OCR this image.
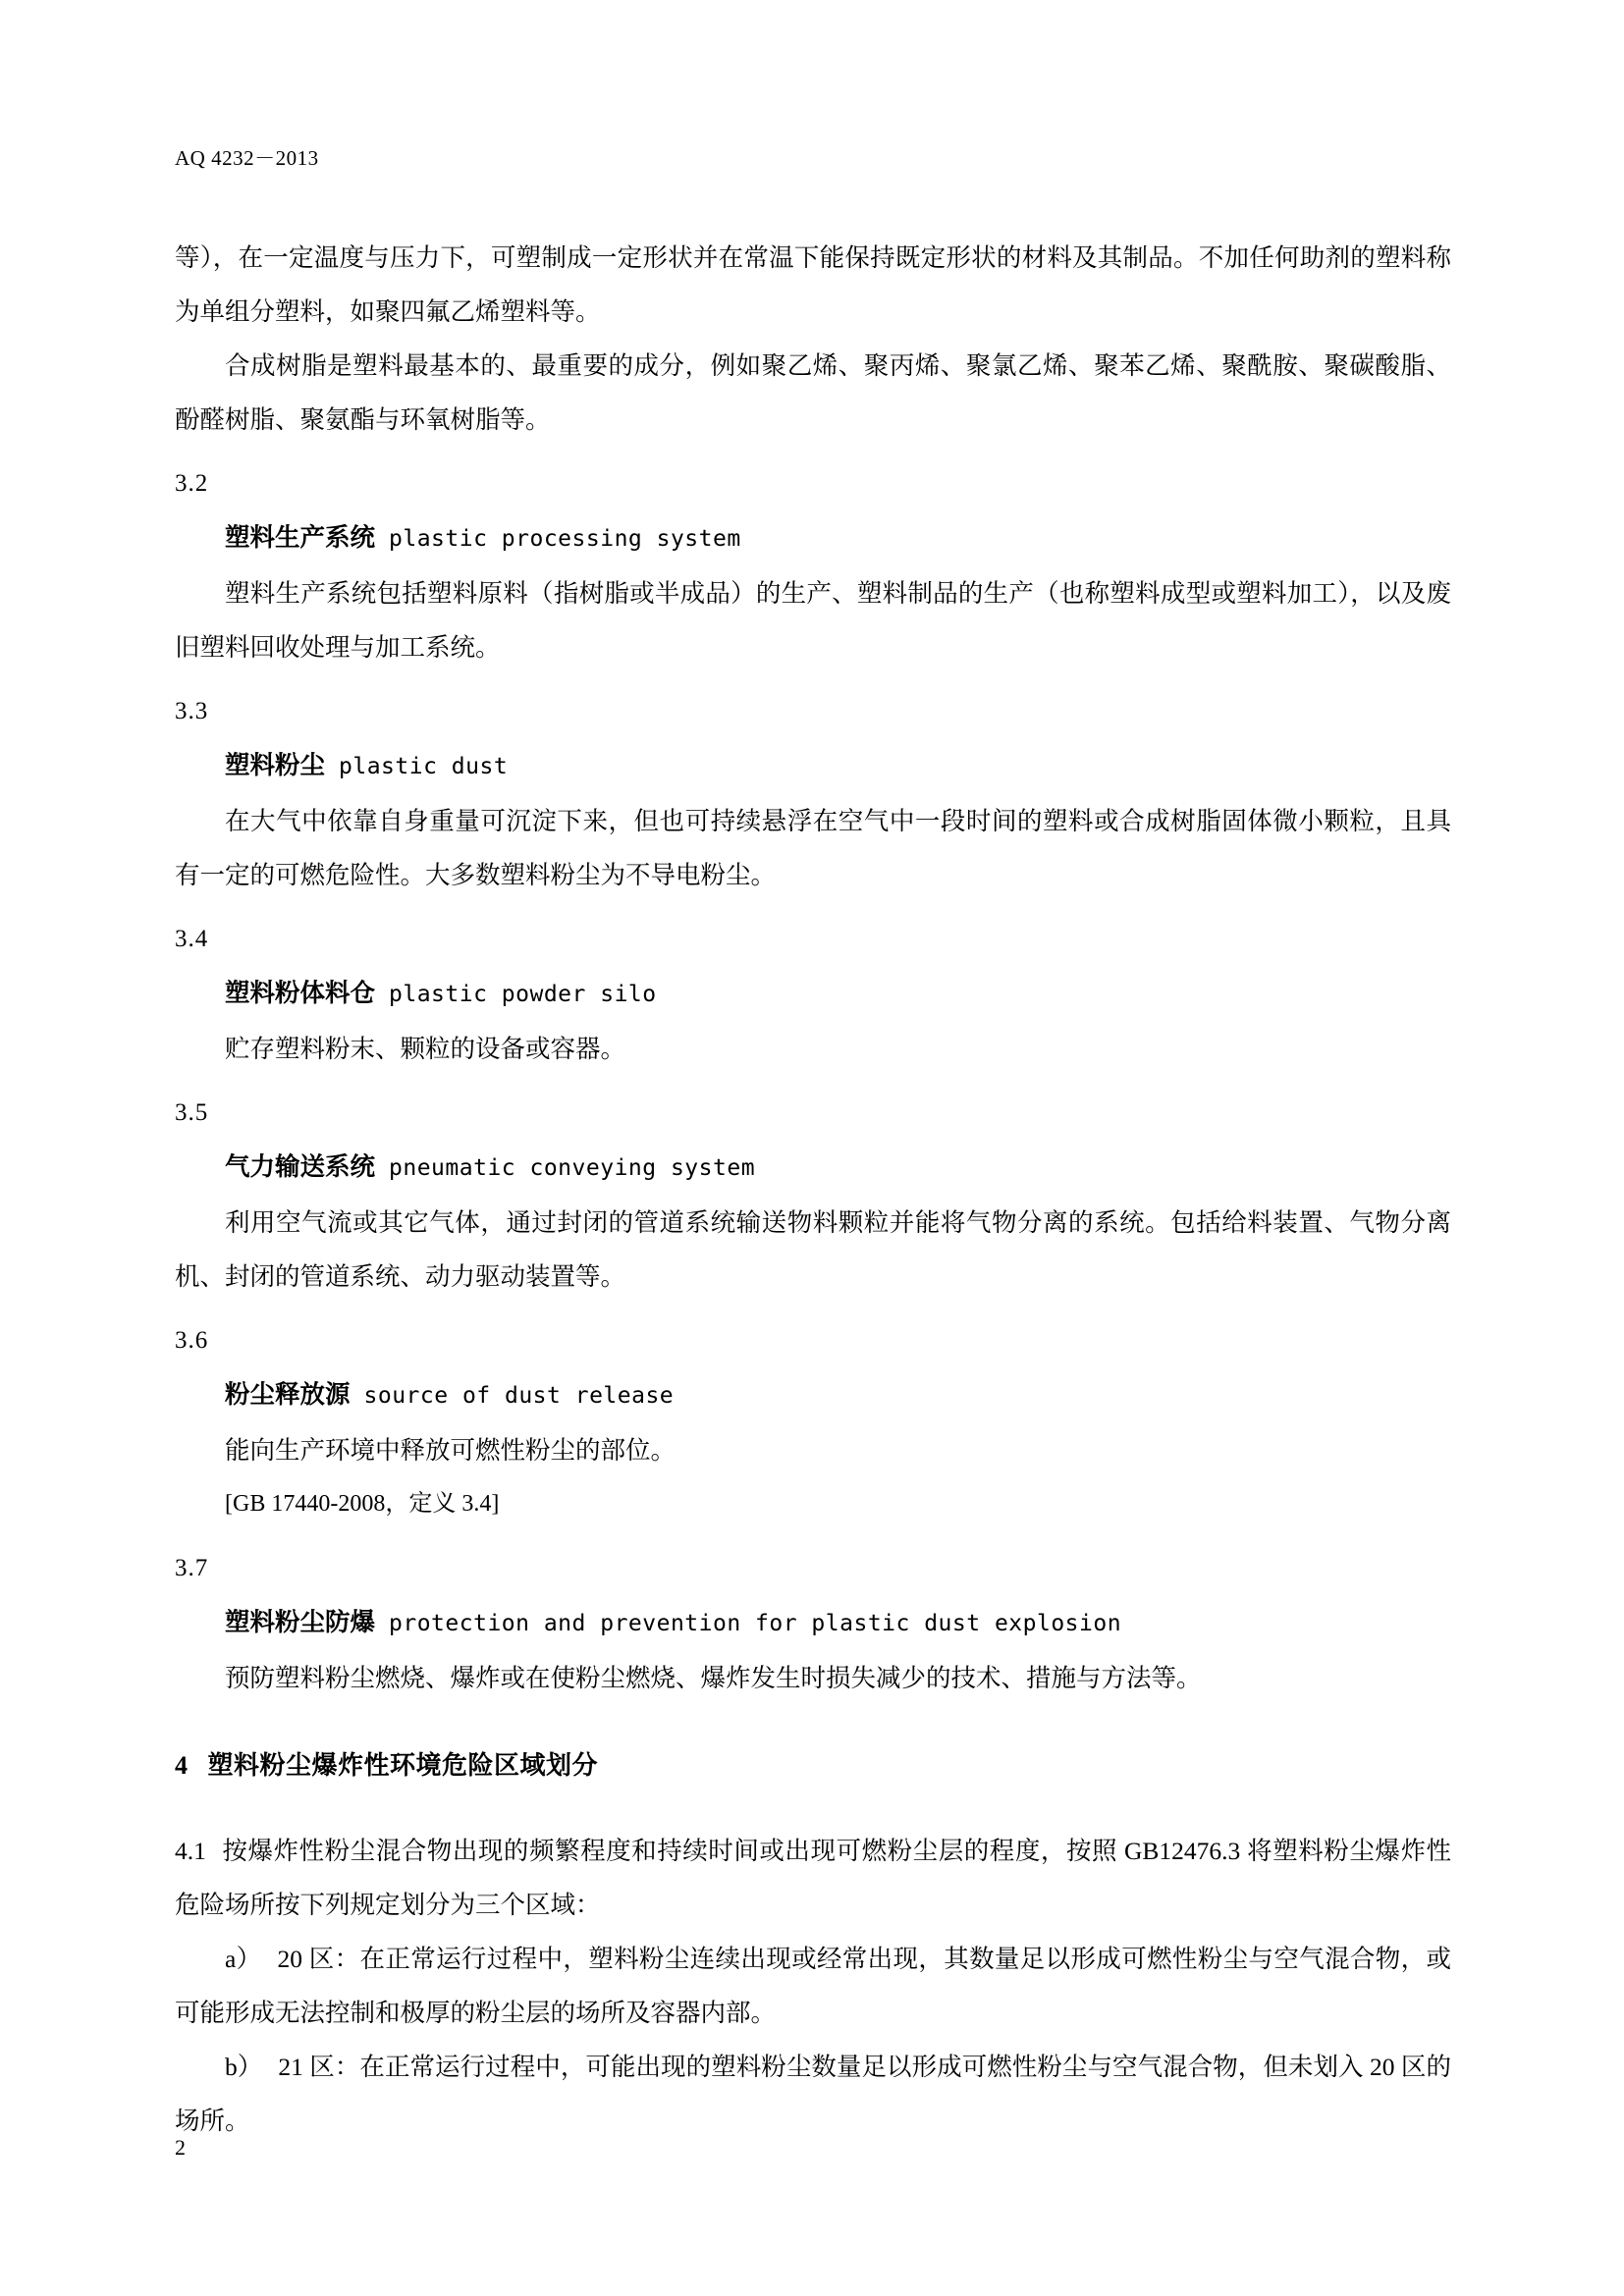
AQ 4232－2013

等），在一定温度与压力下，可塑制成一定形状并在常温下能保持既定形状的材料及其制品。不加任何助剂的塑料称为单组分塑料，如聚四氟乙烯塑料等。

合成树脂是塑料最基本的、最重要的成分，例如聚乙烯、聚丙烯、聚氯乙烯、聚苯乙烯、聚酰胺、聚碳酸脂、酚醛树脂、聚氨酯与环氧树脂等。

3.2
塑料生产系统 plastic processing system

塑料生产系统包括塑料原料（指树脂或半成品）的生产、塑料制品的生产（也称塑料成型或塑料加工），以及废旧塑料回收处理与加工系统。

3.3
塑料粉尘 plastic dust

在大气中依靠自身重量可沉淀下来，但也可持续悬浮在空气中一段时间的塑料或合成树脂固体微小颗粒，且具有一定的可燃危险性。大多数塑料粉尘为不导电粉尘。

3.4
塑料粉体料仓 plastic powder silo

贮存塑料粉末、颗粒的设备或容器。

3.5
气力输送系统 pneumatic conveying system

利用空气流或其它气体，通过封闭的管道系统输送物料颗粒并能将气物分离的系统。包括给料装置、气物分离机、封闭的管道系统、动力驱动装置等。

3.6
粉尘释放源 source of dust release

能向生产环境中释放可燃性粉尘的部位。

[GB 17440-2008，定义 3.4]
3.7
塑料粉尘防爆 protection and prevention for plastic dust explosion

预防塑料粉尘燃烧、爆炸或在使粉尘燃烧、爆炸发生时损失减少的技术、措施与方法等。

4 塑料粉尘爆炸性环境危险区域划分

4.1 按爆炸性粉尘混合物出现的频繁程度和持续时间或出现可燃粉尘层的程度，按照 GB12476.3 将塑料粉尘爆炸性危险场所按下列规定划分为三个区域：

a） 20 区：在正常运行过程中，塑料粉尘连续出现或经常出现，其数量足以形成可燃性粉尘与空气混合物，或可能形成无法控制和极厚的粉尘层的场所及容器内部。

b） 21 区：在正常运行过程中，可能出现的塑料粉尘数量足以形成可燃性粉尘与空气混合物，但未划入 20 区的场所。

2
